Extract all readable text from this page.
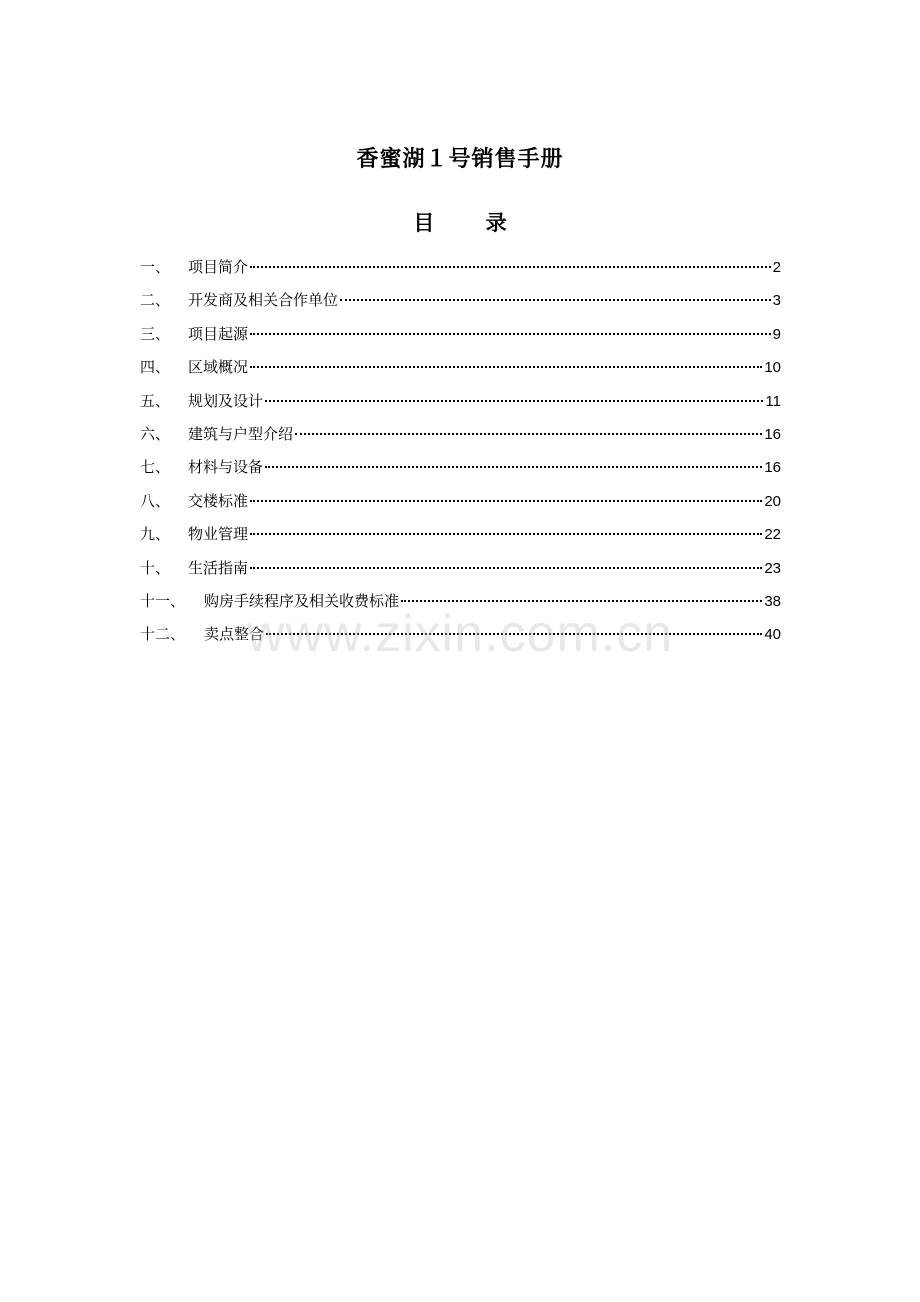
香蜜湖１号销售手册
目 录
一、	项目简介	2
二、	开发商及相关合作单位	3
三、	项目起源	9
四、	区域概况	10
五、	规划及设计	11
六、	建筑与户型介绍	16
七、	材料与设备	16
八、	交楼标准	20
九、	物业管理	22
十、	生活指南	23
十一、	购房手续程序及相关收费标准	38
十二、	卖点整合	40
www.zixin.com.cn
